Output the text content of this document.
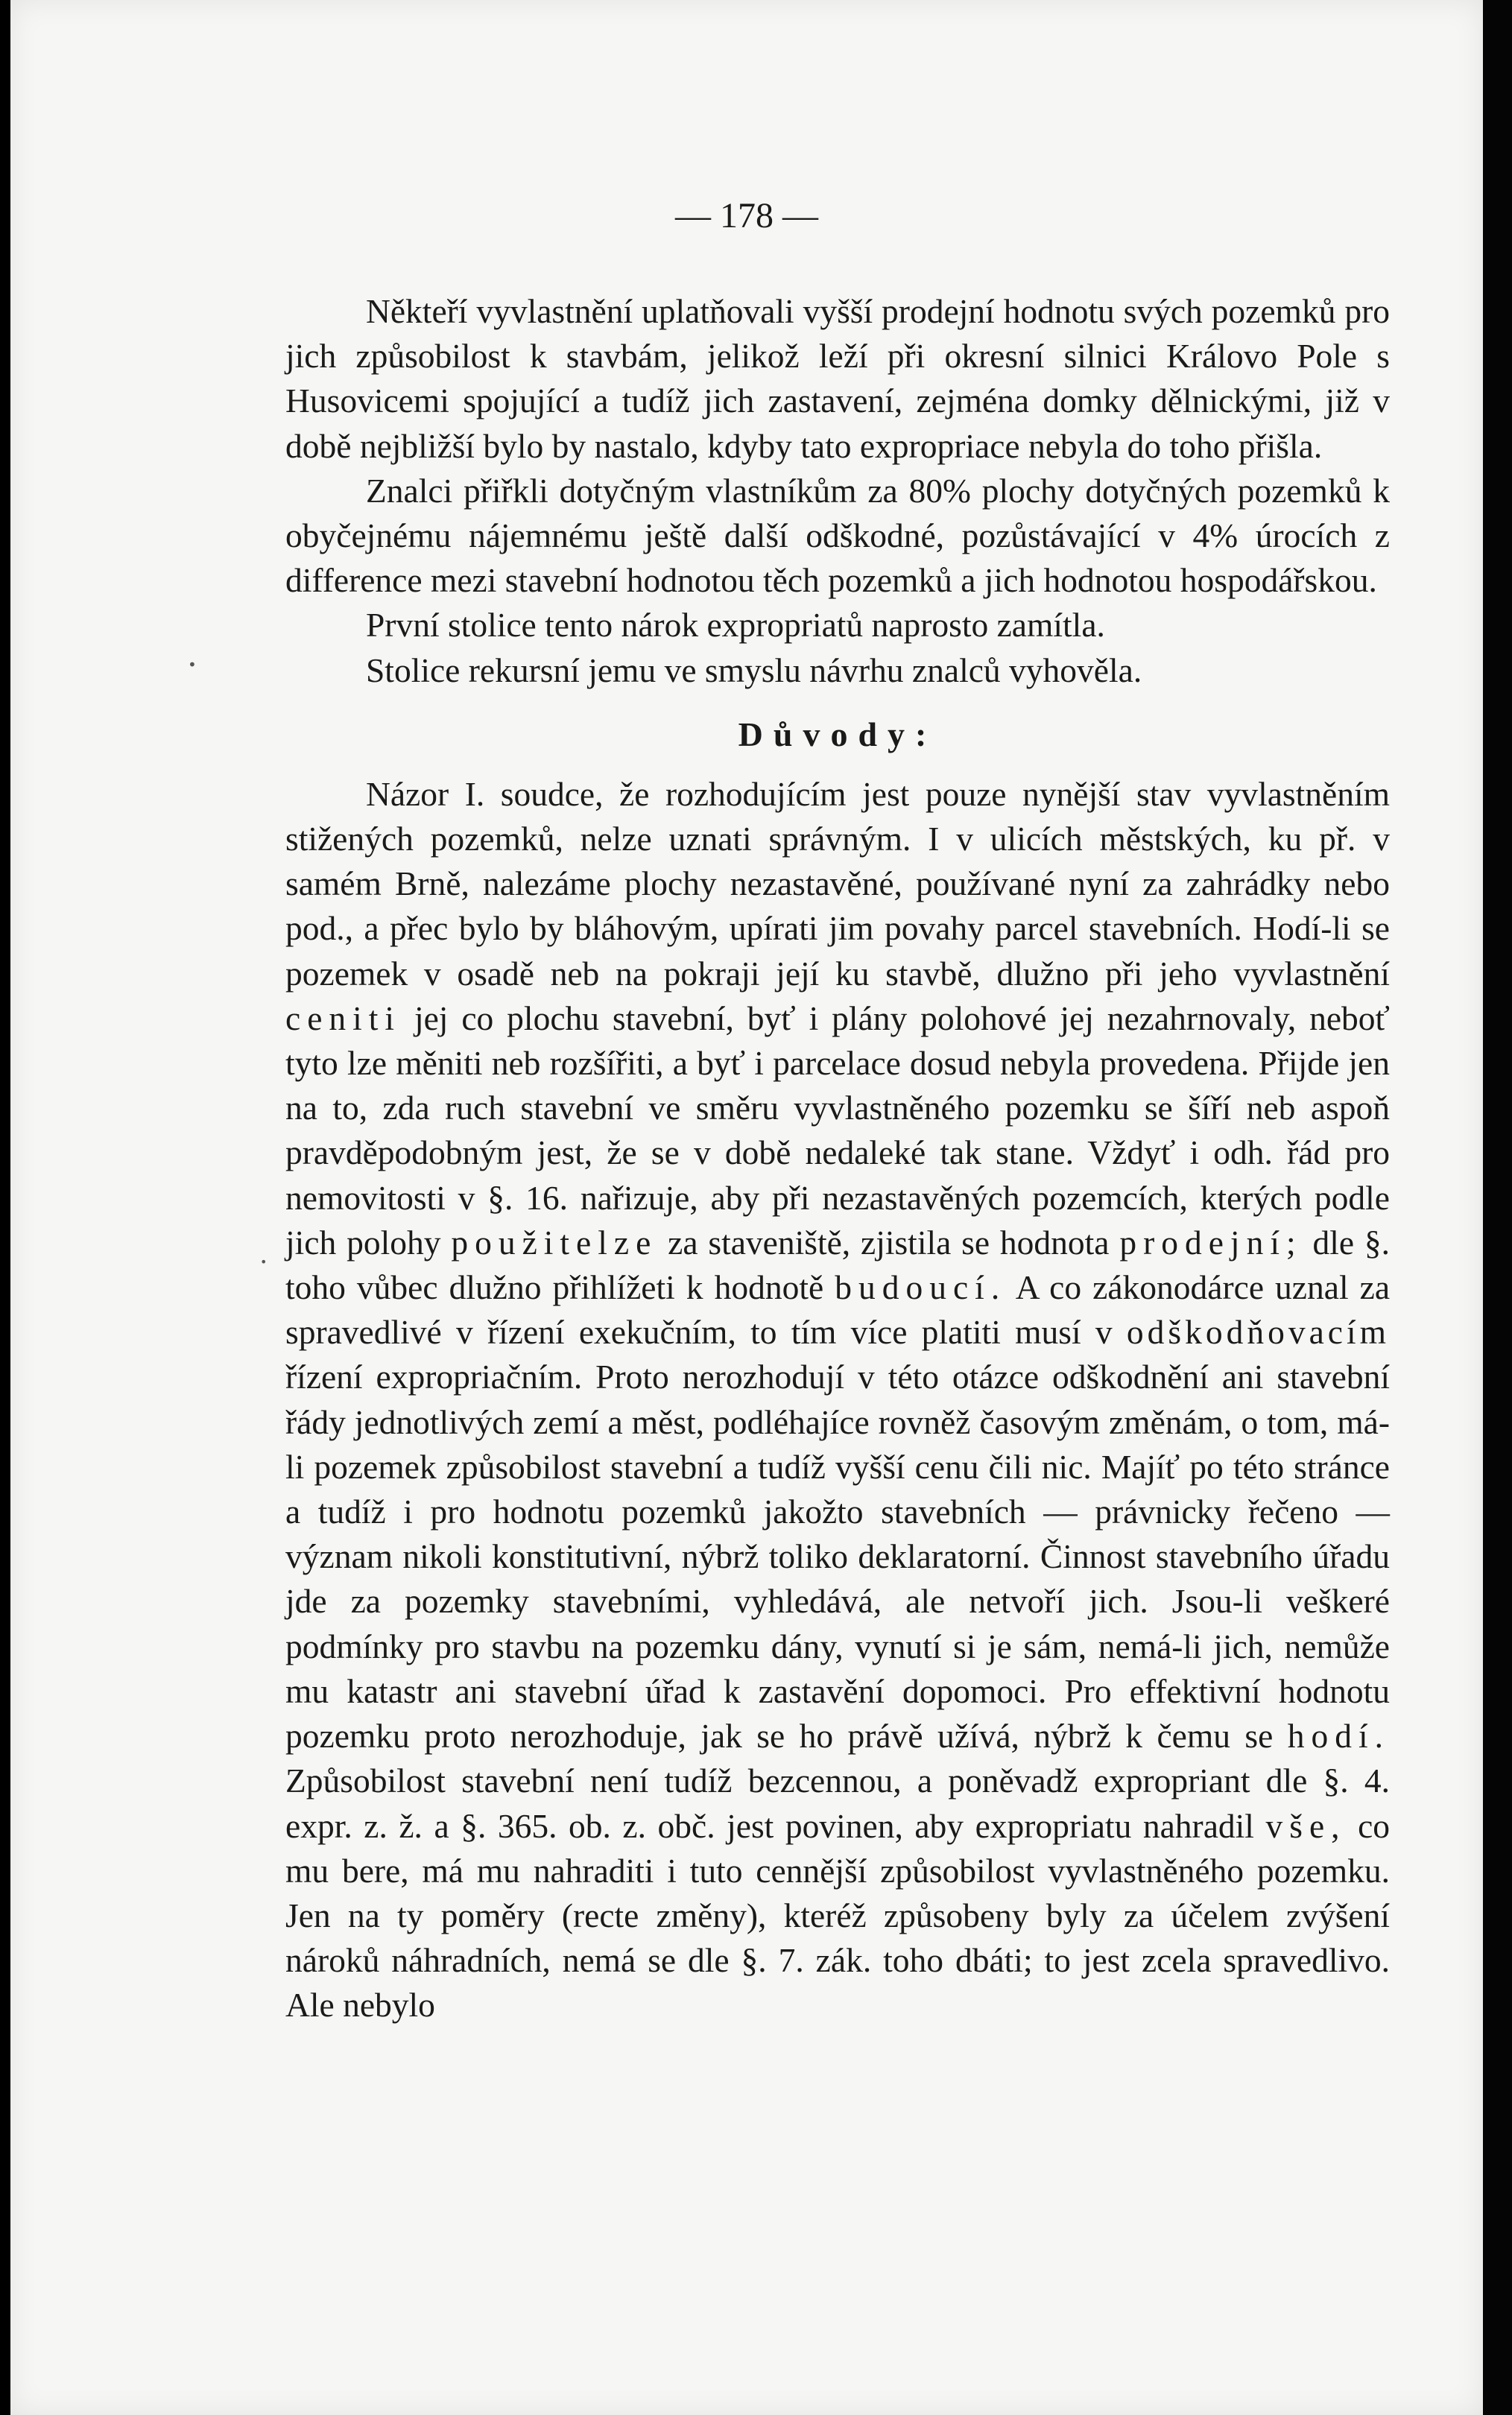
— 178 —

Někteří vyvlastnění uplatňovali vyšší prodejní hodnotu svých pozemků pro jich způsobilost k stavbám, jelikož leží při okresní silnici Královo Pole s Husovicemi spojující a tudíž jich zastavení, zejména domky dělnickými, již v době nejbližší bylo by nastalo, kdyby tato expropriace nebyla do toho přišla.

Znalci přiřkli dotyčným vlastníkům za 80% plochy dotyčných pozemků k obyčejnému nájemnému ještě další odškodné, pozůstávající v 4% úrocích z difference mezi stavební hodnotou těch pozemků a jich hodnotou hospodářskou.

První stolice tento nárok expropriatů naprosto zamítla.

Stolice rekursní jemu ve smyslu návrhu znalců vyhověla.

Důvody:

Názor I. soudce, že rozhodujícím jest pouze nynější stav vyvlastněním stižených pozemků, nelze uznati správným. I v ulicích městských, ku př. v samém Brně, nalezáme plochy nezastavěné, používané nyní za zahrádky nebo pod., a přec bylo by bláhovým, upírati jim povahy parcel stavebních. Hodí-li se pozemek v osadě neb na pokraji její ku stavbě, dlužno při jeho vyvlastnění ceniti jej co plochu stavební, byť i plány polohové jej nezahrnovaly, neboť tyto lze měniti neb rozšířiti, a byť i parcelace dosud nebyla provedena. Přijde jen na to, zda ruch stavební ve směru vyvlastněného pozemku se šíří neb aspoň pravděpodobným jest, že se v době nedaleké tak stane. Vždyť i odh. řád pro nemovitosti v §. 16. nařizuje, aby při nezastavěných pozemcích, kterých podle jich polohy použitelze za staveniště, zjistila se hodnota prodejní; dle §. toho vůbec dlužno přihlížeti k hodnotě budoucí. A co zákonodárce uznal za spravedlivé v řízení exekučním, to tím více platiti musí v odškodňovacím řízení expropriačním. Proto nerozhodují v této otázce odškodnění ani stavební řády jednotlivých zemí a měst, podléhajíce rovněž časovým změnám, o tom, má-li pozemek způsobilost stavební a tudíž vyšší cenu čili nic. Majíť po této stránce a tudíž i pro hodnotu pozemků jakožto stavebních — právnicky řečeno — význam nikoli konstitutivní, nýbrž toliko deklaratorní. Činnost stavebního úřadu jde za pozemky stavebními, vyhledává, ale netvoří jich. Jsou-li veškeré podmínky pro stavbu na pozemku dány, vynutí si je sám, nemá-li jich, nemůže mu katastr ani stavební úřad k zastavění dopomoci. Pro effektivní hodnotu pozemku proto nerozhoduje, jak se ho právě užívá, nýbrž k čemu se hodí. Způsobilost stavební není tudíž bezcennou, a poněvadž expropriant dle §. 4. expr. z. ž. a §. 365. ob. z. obč. jest povinen, aby expropriatu nahradil vše, co mu bere, má mu nahraditi i tuto cennější způsobilost vyvlastněného pozemku. Jen na ty poměry (recte změny), kteréž způsobeny byly za účelem zvýšení nároků náhradních, nemá se dle §. 7. zák. toho dbáti; to jest zcela spravedlivo. Ale nebylo

•
•
